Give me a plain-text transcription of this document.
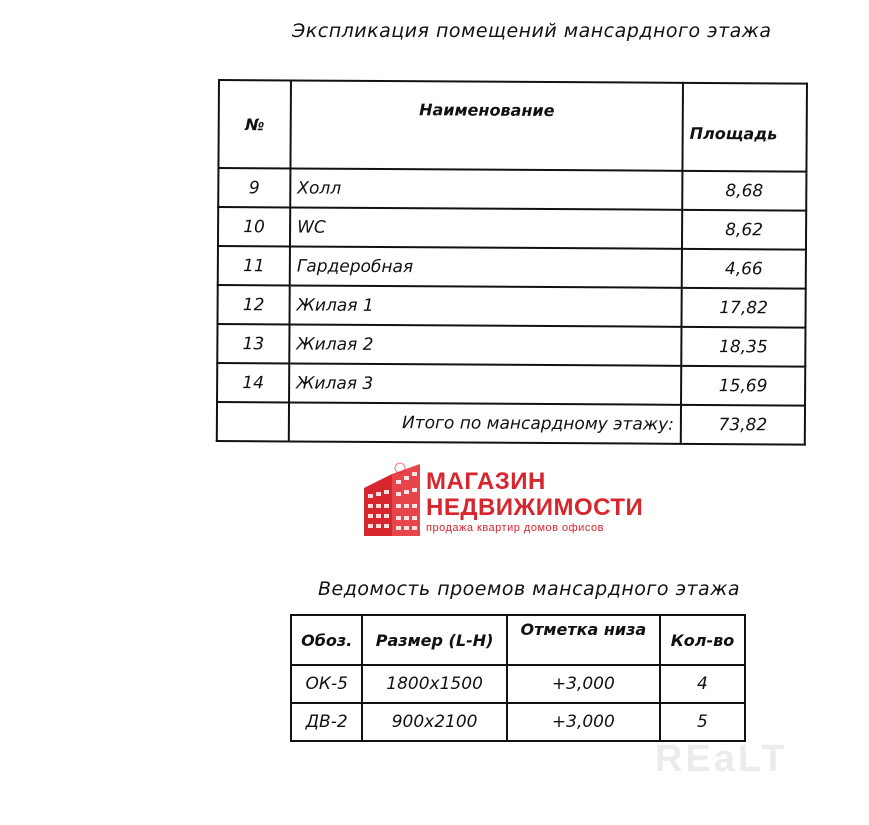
Экспликация помещений мансардного этажа
№	Наименование	Площадь
9	Холл	8,68
10	WC	8,62
11	Гардеробная	4,66
12	Жилая 1	17,82
13	Жилая 2	18,35
14	Жилая 3	15,69
	Итого по мансардному этажу:	73,82
МАГАЗИН
НЕДВИЖИМОСТИ
продажа квартир домов офисов
Ведомость проемов мансардного этажа
Обоз.	Размер (L-H)	Отметка низа	Кол-во
ОК-5	1800х1500	+3,000	4
ДВ-2	900х2100	+3,000	5
REaLT
